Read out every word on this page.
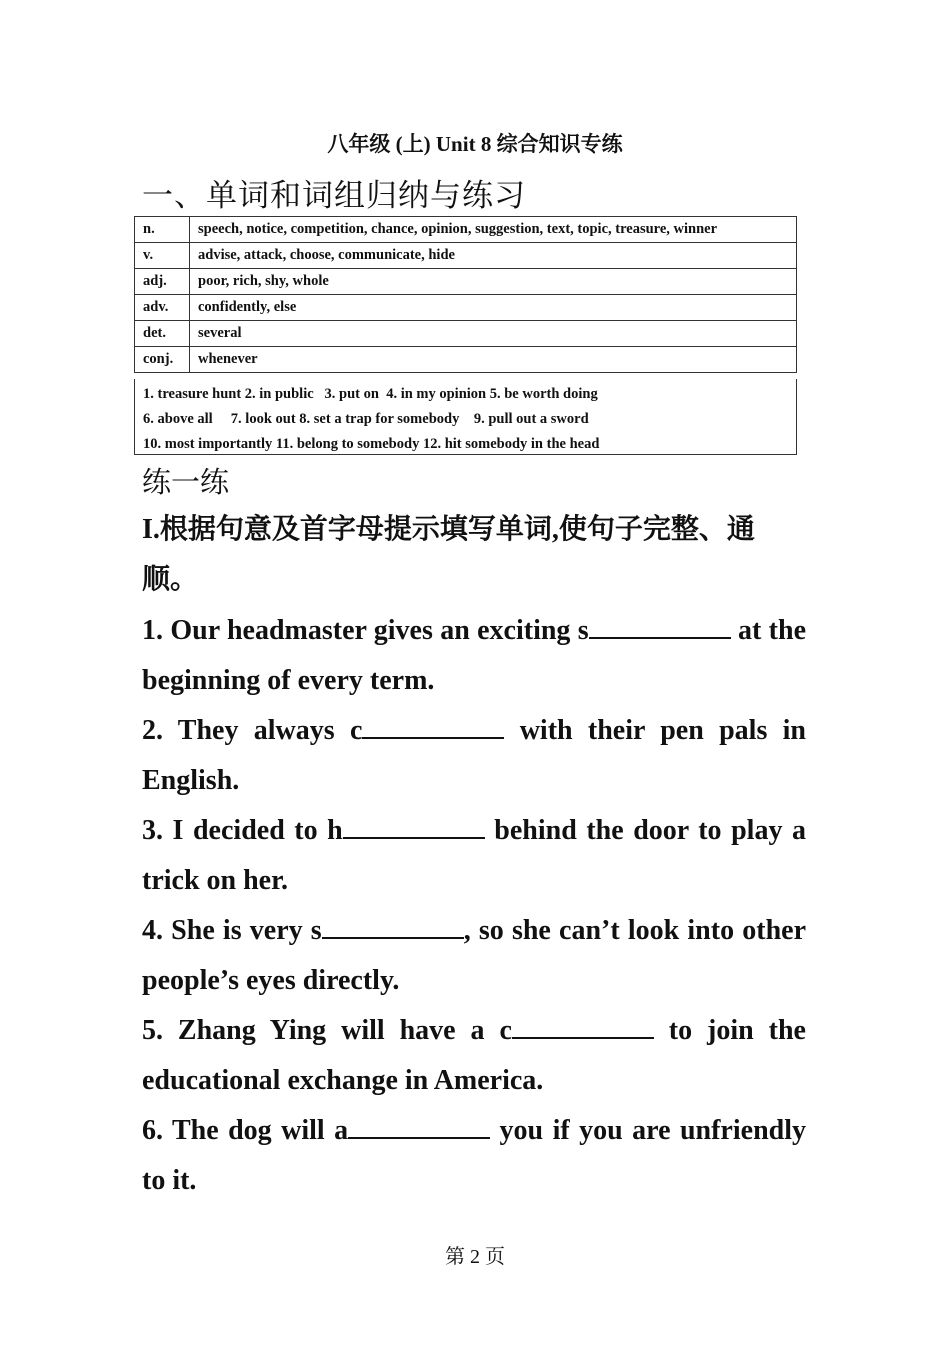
八年级 (上) Unit 8 综合知识专练
一、单词和词组归纳与练习
n.	speech, notice, competition, chance, opinion, suggestion, text, topic, treasure, winner
v.	advise, attack, choose, communicate, hide
adj.	poor, rich, shy, whole
adv.	confidently, else
det.	several
conj.	whenever
1. treasure hunt 2. in public   3. put on  4. in my opinion 5. be worth doing
6. above all     7. look out 8. set a trap for somebody    9. pull out a sword
10. most importantly 11. belong to somebody 12. hit somebody in the head
练一练
I.根据句意及首字母提示填写单词,使句子完整、通顺。

1. Our headmaster gives an exciting s	at the beginning of every term.

2. They always c	with their pen pals in English.

3. I decided to h	behind the door to play a trick on her.

4. She is very s	, so she can’t look into other people’s eyes directly.

5. Zhang Ying will have a c	to join the educational exchange in America.

6. The dog will a	you if you are unfriendly to it.

第 2 页
